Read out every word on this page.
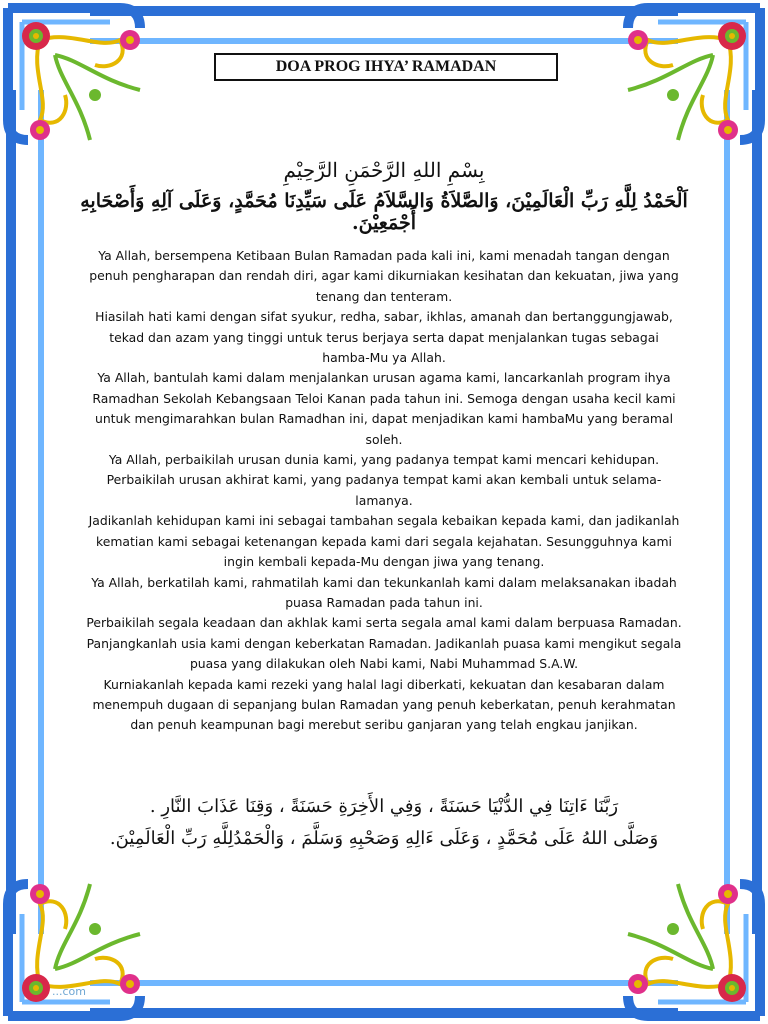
DOA PROG IHYA’ RAMADAN
بِسْمِ اللهِ الرَّحْمَنِ الرَّحِيْمِ
اَلْحَمْدُ لِلَّهِ رَبِّ الْعَالَمِيْنَ، وَالصَّلاَةُ وَالسَّلاَمُ عَلَى سَيِّدِنَا مُحَمَّدٍ، وَعَلَى آلِهِ وَأَصْحَابِهِ أَجْمَعِيْنَ.

Ya Allah, bersempena Ketibaan Bulan Ramadan pada kali ini, kami menadah tangan dengan penuh pengharapan dan rendah diri, agar kami dikurniakan kesihatan dan kekuatan, jiwa yang tenang dan tenteram.

Hiasilah hati kami dengan sifat syukur, redha, sabar, ikhlas, amanah dan bertanggungjawab, tekad dan azam yang tinggi untuk terus berjaya serta dapat menjalankan tugas sebagai hamba-Mu ya Allah.

Ya Allah, bantulah kami dalam menjalankan urusan agama kami, lancarkanlah program ihya Ramadhan Sekolah Kebangsaan Teloi Kanan pada tahun ini. Semoga dengan usaha kecil kami untuk mengimarahkan bulan Ramadhan ini, dapat menjadikan kami hambaMu yang beramal soleh.

Ya Allah, perbaikilah urusan dunia kami, yang padanya tempat kami mencari kehidupan. Perbaikilah urusan akhirat kami, yang padanya tempat kami akan kembali untuk selama-lamanya.

Jadikanlah kehidupan kami ini sebagai tambahan segala kebaikan kepada kami, dan jadikanlah kematian kami sebagai ketenangan kepada kami dari segala kejahatan. Sesungguhnya kami ingin kembali kepada-Mu dengan jiwa yang tenang.

Ya Allah, berkatilah kami, rahmatilah kami dan tekunkanlah kami dalam melaksanakan ibadah puasa Ramadan pada tahun ini.

Perbaikilah segala keadaan dan akhlak kami serta segala amal kami dalam berpuasa Ramadan. Panjangkanlah usia kami dengan keberkatan Ramadan. Jadikanlah puasa kami mengikut segala puasa yang dilakukan oleh Nabi kami, Nabi Muhammad S.A.W.

Kurniakanlah kepada kami rezeki yang halal lagi diberkati, kekuatan dan kesabaran dalam menempuh dugaan di sepanjang bulan Ramadan yang penuh keberkatan, penuh kerahmatan dan penuh keampunan bagi merebut seribu ganjaran yang telah engkau janjikan.

رَبَّنَا ءَاتِنَا فِي الدُّنْيَا حَسَنَةً ، وَفِي الأَخِرَةِ حَسَنَةً ، وَقِنَا عَذَابَ النَّارِ .
وَصَلَّى اللهُ عَلَى مُحَمَّدٍ ، وَعَلَى ءَالِهِ وَصَحْبِهِ وَسَلَّمَ ، وَالْحَمْدُلِلَّهِ رَبِّ الْعَالَمِيْنَ.
...com
